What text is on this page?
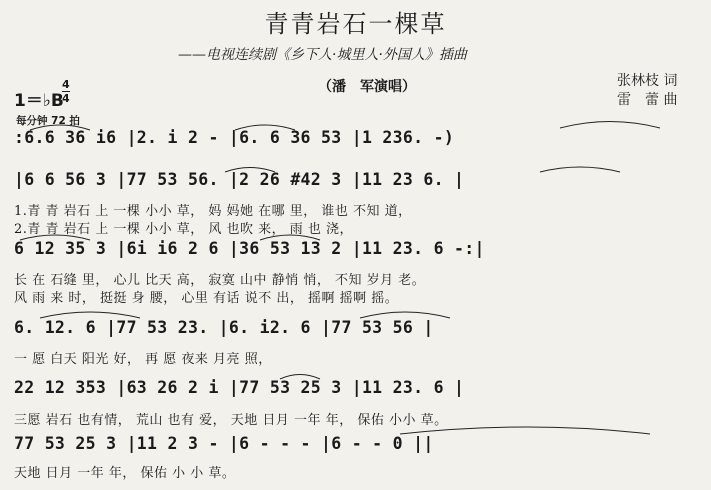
青青岩石一棵草
——电视连续剧《乡下人·城里人·外国人》插曲
（潘　军演唱）	张林枝 词
雷　蕾 曲
1＝♭B
4
4
每分钟 72 拍
:6.6 36 i6 |2. i 2 - |6. 6 36 53 |1 236. -)
|6 6 56 3 |77 53 56. |2 26 #42 3 |11 23 6. |
1.青 青 岩石 上 一棵 小小 草， 妈 妈她 在哪 里， 谁也 不知 道，
2.青 青 岩石 上 一棵 小小 草， 风 也吹 来， 雨 也 浇，
6 12 35 3 |6i i6 2 6 |36 53 13 2 |11 23. 6 -:|
长 在 石缝 里， 心儿 比天 高， 寂寞 山中 静悄 悄， 不知 岁月 老。
风 雨 来 时， 挺挺 身 腰， 心里 有话 说不 出， 摇啊 摇啊 摇。
6. 12. 6 |77 53 23. |6. i2. 6 |77 53 56 |
一 愿 白天 阳光 好， 再 愿 夜来 月亮 照，
22 12 353 |63 26 2 i |77 53 25 3 |11 23. 6 |
三愿 岩石 也有情， 荒山 也有 爱， 天地 日月 一年 年， 保佑 小小 草。
77 53 25 3 |11 2 3 - |6 - - - |6 - - 0 ||
天地 日月 一年 年， 保佑 小 小 草。
